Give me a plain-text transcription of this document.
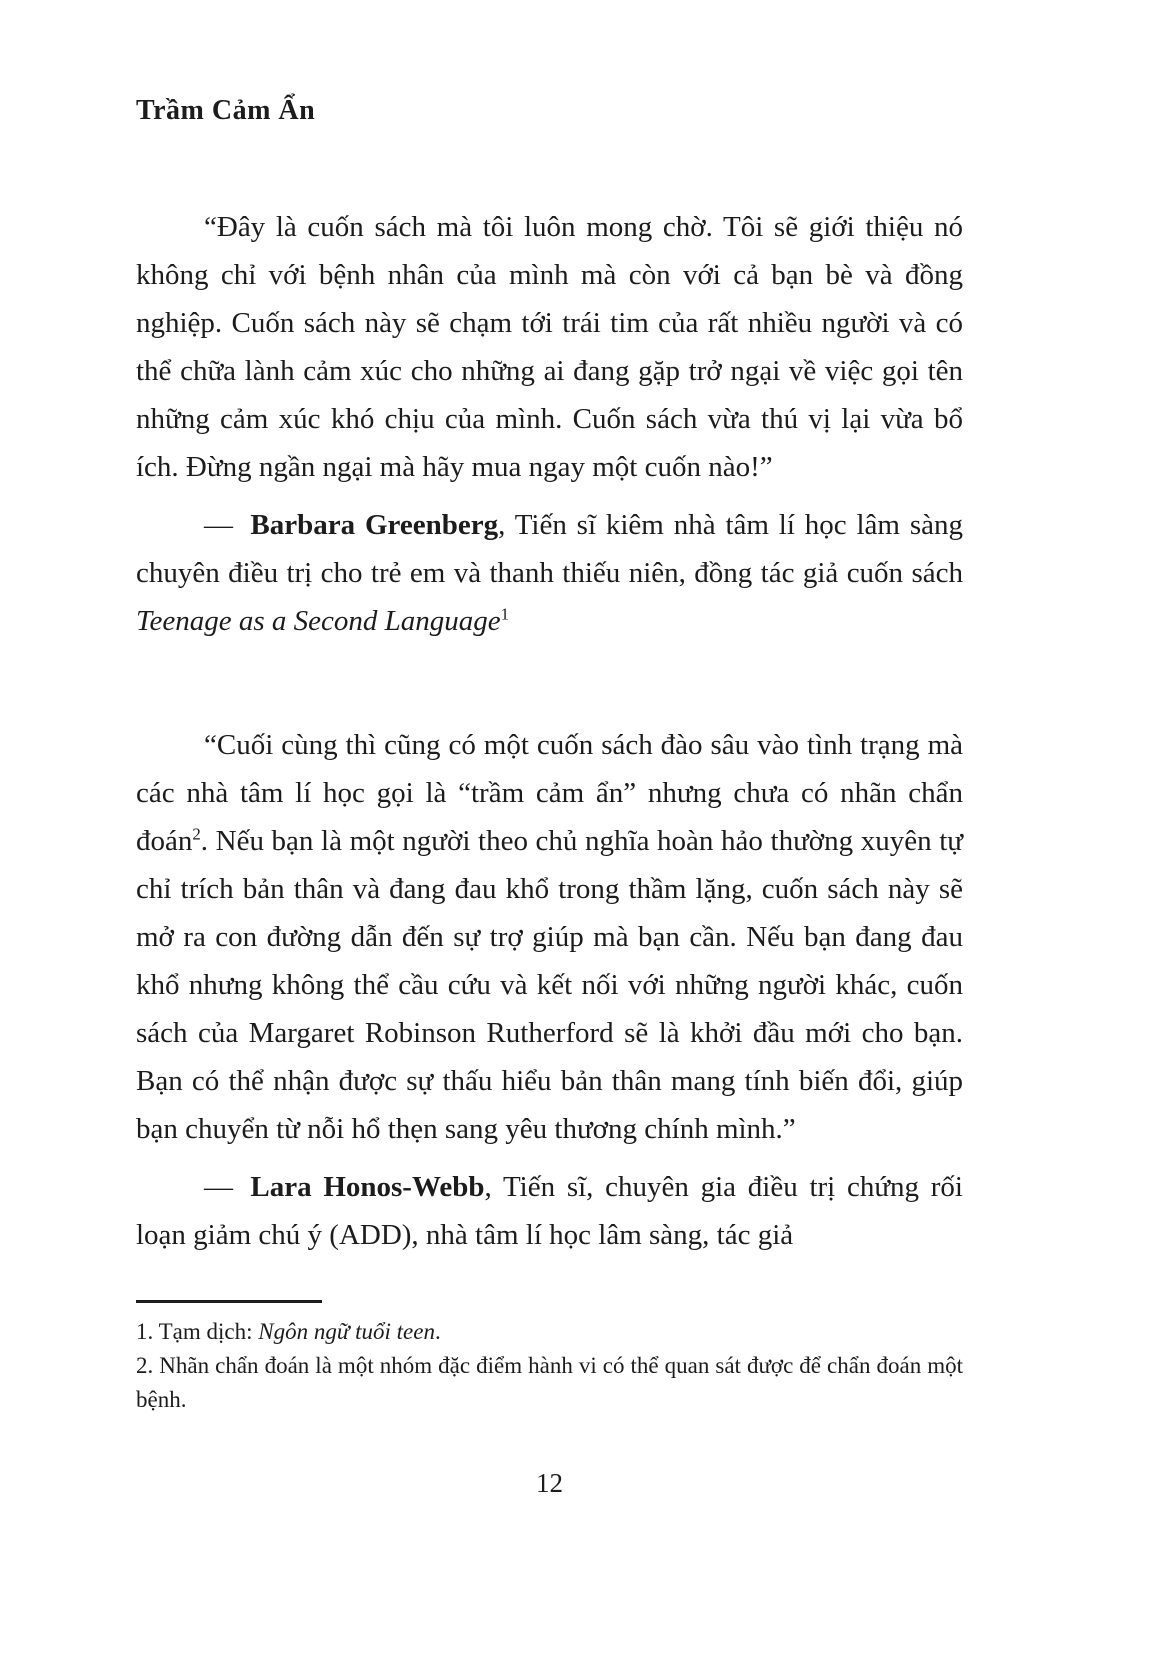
Trầm Cảm Ẩn

“Đây là cuốn sách mà tôi luôn mong chờ. Tôi sẽ giới thiệu nó không chỉ với bệnh nhân của mình mà còn với cả bạn bè và đồng nghiệp. Cuốn sách này sẽ chạm tới trái tim của rất nhiều người và có thể chữa lành cảm xúc cho những ai đang gặp trở ngại về việc gọi tên những cảm xúc khó chịu của mình. Cuốn sách vừa thú vị lại vừa bổ ích. Đừng ngần ngại mà hãy mua ngay một cuốn nào!”

— Barbara Greenberg, Tiến sĩ kiêm nhà tâm lí học lâm sàng chuyên điều trị cho trẻ em và thanh thiếu niên, đồng tác giả cuốn sách Teenage as a Second Language$^1$

“Cuối cùng thì cũng có một cuốn sách đào sâu vào tình trạng mà các nhà tâm lí học gọi là “trầm cảm ẩn” nhưng chưa có nhãn chẩn đoán$^2$. Nếu bạn là một người theo chủ nghĩa hoàn hảo thường xuyên tự chỉ trích bản thân và đang đau khổ trong thầm lặng, cuốn sách này sẽ mở ra con đường dẫn đến sự trợ giúp mà bạn cần. Nếu bạn đang đau khổ nhưng không thể cầu cứu và kết nối với những người khác, cuốn sách của Margaret Robinson Rutherford sẽ là khởi đầu mới cho bạn. Bạn có thể nhận được sự thấu hiểu bản thân mang tính biến đổi, giúp bạn chuyển từ nỗi hổ thẹn sang yêu thương chính mình.”

— Lara Honos-Webb, Tiến sĩ, chuyên gia điều trị chứng rối loạn giảm chú ý (ADD), nhà tâm lí học lâm sàng, tác giả

1. Tạm dịch: Ngôn ngữ tuổi teen.
2. Nhãn chẩn đoán là một nhóm đặc điểm hành vi có thể quan sát được để chẩn đoán một bệnh.
12
